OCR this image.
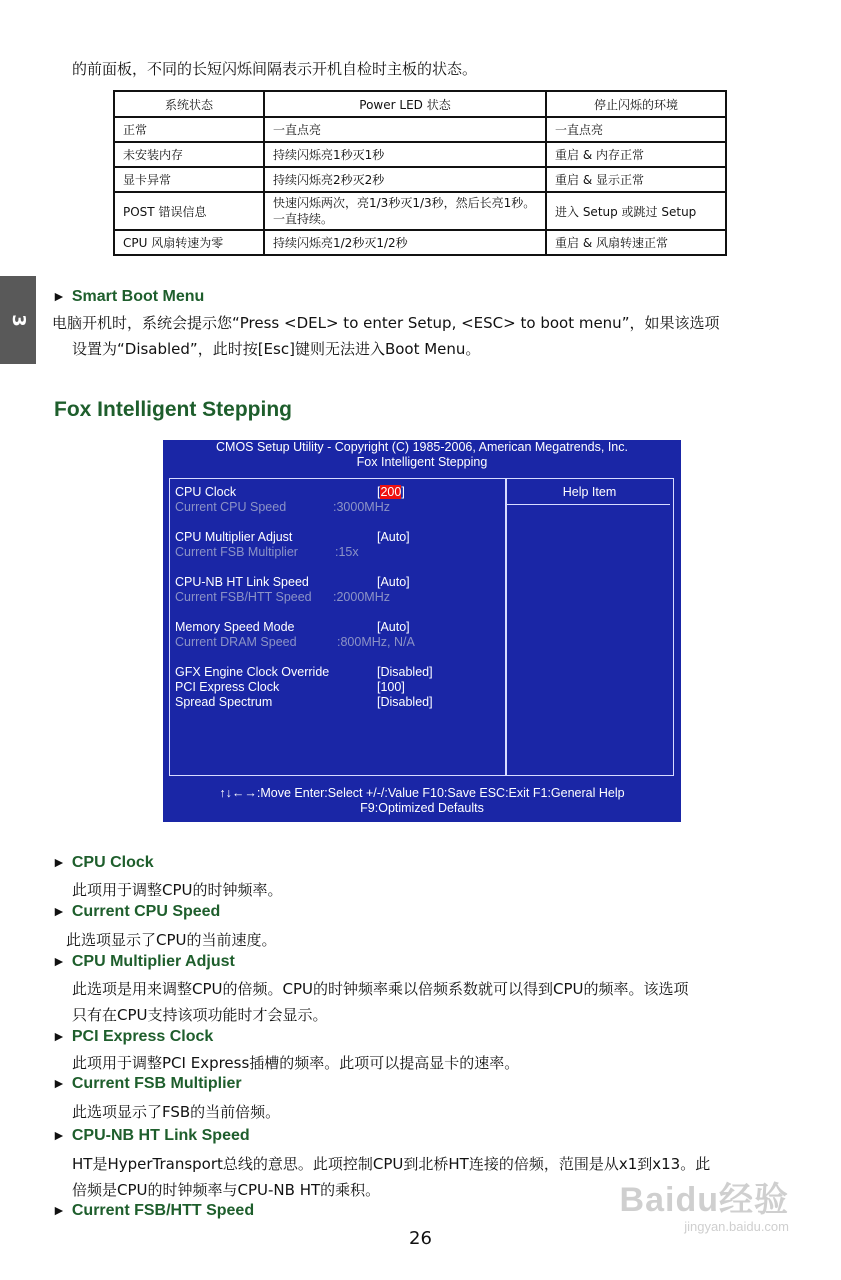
的前面板，不同的长短闪烁间隔表示开机自检时主板的状态。
系统状态	Power LED 状态	停止闪烁的环境
正常	一直点亮	一直点亮
未安装内存	持续闪烁亮1秒灭1秒	重启 & 内存正常
显卡异常	持续闪烁亮2秒灭2秒	重启 & 显示正常
POST 错误信息	快速闪烁两次，亮1/3秒灭1/3秒，然后长亮1秒。一直持续。	进入 Setup 或跳过 Setup
CPU 风扇转速为零	持续闪烁亮1/2秒灭1/2秒	重启 & 风扇转速正常
3
► Smart Boot Menu
电脑开机时，系统会提示您“Press <DEL> to enter Setup, <ESC> to boot menu”，如果该选项
设置为“Disabled”，此时按[Esc]键则无法进入Boot Menu。
Fox Intelligent Stepping
CMOS Setup Utility - Copyright (C) 1985-2006, American Megatrends, Inc.
Fox Intelligent Stepping
Help Item
CPU Clock	[200]
Current CPU Speed	:3000MHz
CPU Multiplier Adjust	[Auto]
Current FSB Multiplier	:15x
CPU-NB HT Link Speed	[Auto]
Current FSB/HTT Speed :2000MHz
Memory Speed Mode	[Auto]
Current DRAM Speed	:800MHz, N/A
GFX Engine Clock Override	[Disabled]
PCI Express Clock	[100]
Spread Spectrum	[Disabled]
↑↓←→:Move Enter:Select +/-/:Value F10:Save ESC:Exit F1:General Help
F9:Optimized Defaults
► CPU Clock
此项用于调整CPU的时钟频率。
► Current CPU Speed
此选项显示了CPU的当前速度。
► CPU Multiplier Adjust
此选项是用来调整CPU的倍频。CPU的时钟频率乘以倍频系数就可以得到CPU的频率。该选项
只有在CPU支持该项功能时才会显示。
► PCI Express Clock
此项用于调整PCI Express插槽的频率。此项可以提高显卡的速率。
► Current FSB Multiplier
此选项显示了FSB的当前倍频。
► CPU-NB HT Link Speed
HT是HyperTransport总线的意思。此项控制CPU到北桥HT连接的倍频，范围是从x1到x13。此
倍频是CPU的时钟频率与CPU-NB HT的乘积。
► Current FSB/HTT Speed
26
Baidu经验
jingyan.baidu.com
